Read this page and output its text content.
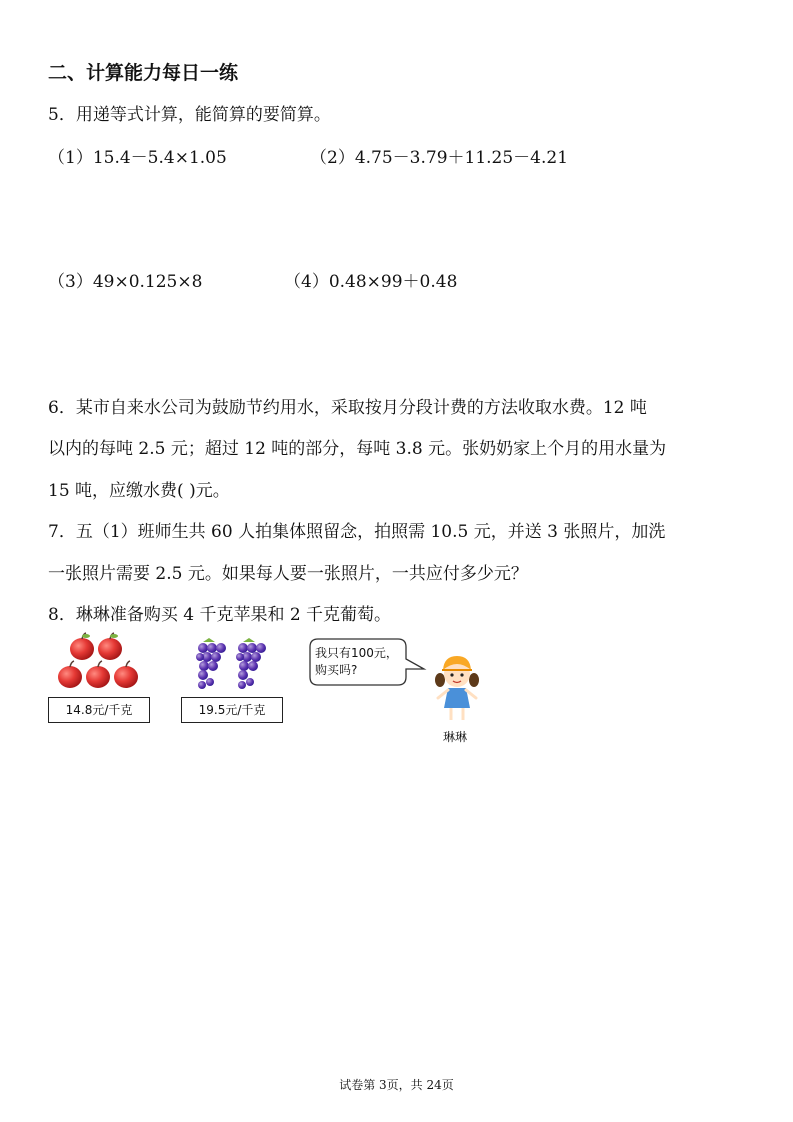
二、计算能力每日一练
5．用递等式计算，能简算的要简算。
（1）15.4－5.4×1.05	（2）4.75－3.79＋11.25－4.21
（3）49×0.125×8	（4）0.48×99＋0.48
6．某市自来水公司为鼓励节约用水，采取按月分段计费的方法收取水费。12 吨
以内的每吨 2.5 元；超过 12 吨的部分，每吨 3.8 元。张奶奶家上个月的用水量为
15 吨，应缴水费( )元。
7．五（1）班师生共 60 人拍集体照留念，拍照需 10.5 元，并送 3 张照片，加洗
一张照片需要 2.5 元。如果每人要一张照片，一共应付多少元？
8．琳琳准备购买 4 千克苹果和 2 千克葡萄。
14.8元/千克	19.5元/千克
我只有100元，
购买吗?
琳琳
试卷第 3页，共 24页
